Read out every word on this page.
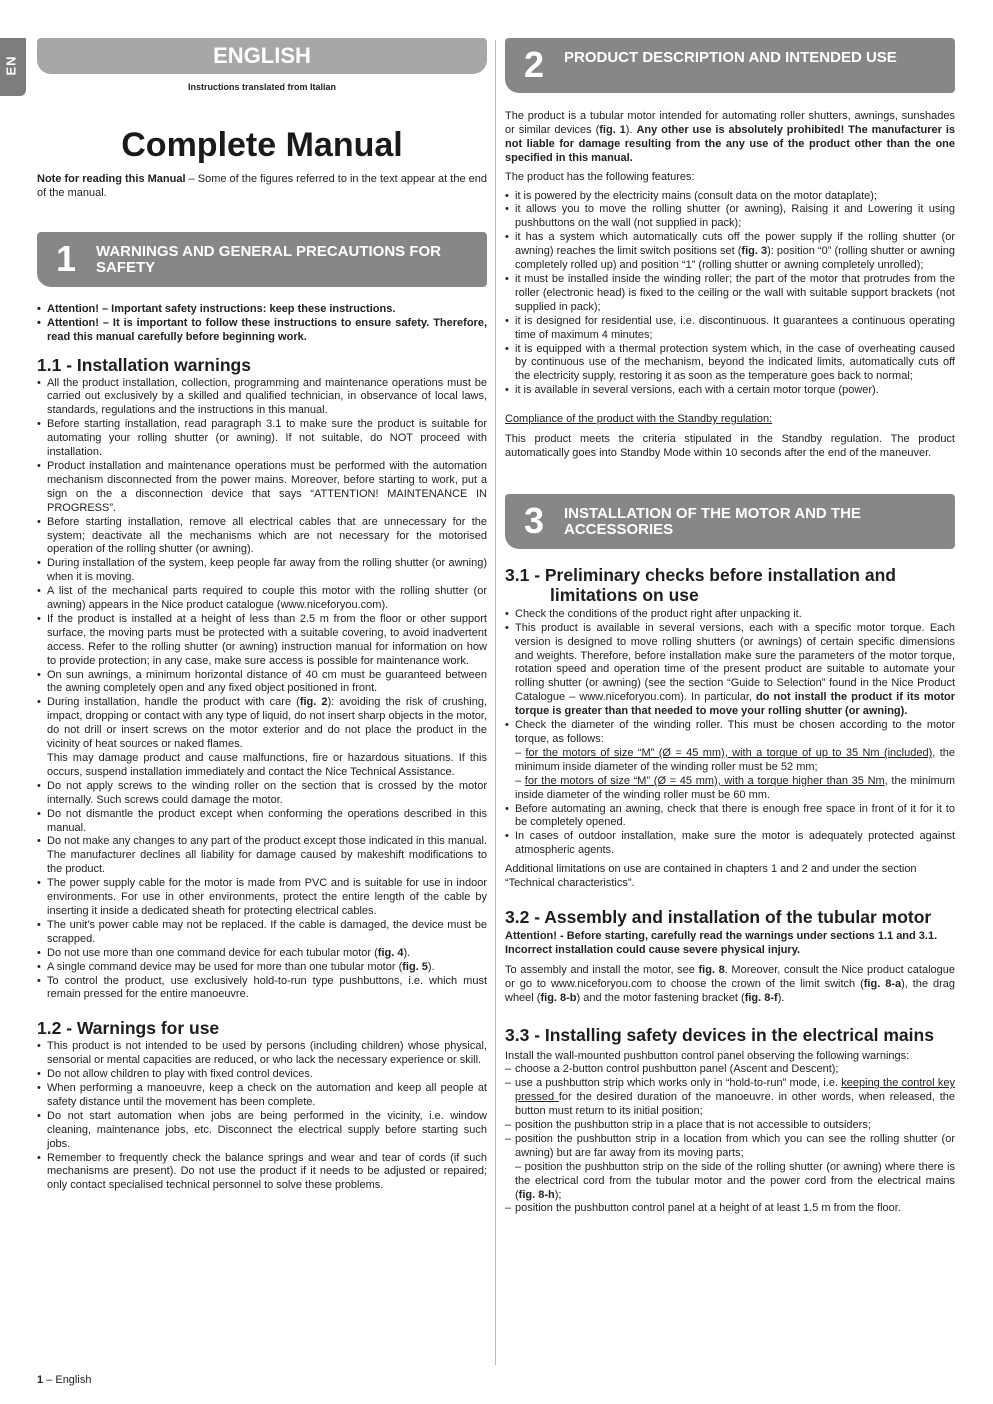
EN	ENGLISH
Instructions translated from Italian
Complete Manual

Note for reading this Manual – Some of the figures referred to in the text appear at the end of the manual.

1	WARNINGS AND GENERAL PRECAUTIONS FOR SAFETY
• Attention! – Important safety instructions: keep these instructions.
• Attention! – It is important to follow these instructions to ensure safety. Therefore, read this manual carefully before beginning work.
1.1 - Installation warnings
• All the product installation, collection, programming and maintenance operations must be carried out exclusively by a skilled and qualified technician, in observance of local laws, standards, regulations and the instructions in this manual.
• Before starting installation, read paragraph 3.1 to make sure the product is suitable for automating your rolling shutter (or awning). If not suitable, do NOT proceed with installation.
• Product installation and maintenance operations must be performed with the automation mechanism disconnected from the power mains. Moreover, before starting to work, put a sign on the a disconnection device that says “ATTENTION! MAINTENANCE IN PROGRESS”.
• Before starting installation, remove all electrical cables that are unnecessary for the system; deactivate all the mechanisms which are not necessary for the motorised operation of the rolling shutter (or awning).
• During installation of the system, keep people far away from the rolling shutter (or awning) when it is moving.
• A list of the mechanical parts required to couple this motor with the rolling shutter (or awning) appears in the Nice product catalogue (www.niceforyou.com).
• If the product is installed at a height of less than 2.5 m from the floor or other support surface, the moving parts must be protected with a suitable covering, to avoid inadvertent access. Refer to the rolling shutter (or awning) instruction manual for information on how to provide protection; in any case, make sure access is possible for maintenance work.
• On sun awnings, a minimum horizontal distance of 40 cm must be guaranteed between the awning completely open and any fixed object positioned in front.
• During installation, handle the product with care (fig. 2): avoiding the risk of crushing, impact, dropping or contact with any type of liquid, do not insert sharp objects in the motor, do not drill or insert screws on the motor exterior and do not place the product in the vicinity of heat sources or naked flames.
This may damage product and cause malfunctions, fire or hazardous situations. If this occurs, suspend installation immediately and contact the Nice Technical Assistance.
• Do not apply screws to the winding roller on the section that is crossed by the motor internally. Such screws could damage the motor.
• Do not dismantle the product except when conforming the operations described in this manual.
• Do not make any changes to any part of the product except those indicated in this manual. The manufacturer declines all liability for damage caused by makeshift modifications to the product.
• The power supply cable for the motor is made from PVC and is suitable for use in indoor environments. For use in other environments, protect the entire length of the cable by inserting it inside a dedicated sheath for protecting electrical cables.
• The unit’s power cable may not be replaced. If the cable is damaged, the device must be scrapped.
• Do not use more than one command device for each tubular motor (fig. 4).
• A single command device may be used for more than one tubular motor (fig. 5).
• To control the product, use exclusively hold-to-run type pushbuttons, i.e. which must remain pressed for the entire manoeuvre.
1.2 - Warnings for use
• This product is not intended to be used by persons (including children) whose physical, sensorial or mental capacities are reduced, or who lack the necessary experience or skill.
• Do not allow children to play with fixed control devices.
• When performing a manoeuvre, keep a check on the automation and keep all people at safety distance until the movement has been complete.
• Do not start automation when jobs are being performed in the vicinity, i.e. window cleaning, maintenance jobs, etc. Disconnect the electrical supply before starting such jobs.
• Remember to frequently check the balance springs and wear and tear of cords (if such mechanisms are present). Do not use the product if it needs to be adjusted or repaired; only contact specialised technical personnel to solve these problems.
2	PRODUCT DESCRIPTION AND INTENDED USE

The product is a tubular motor intended for automating roller shutters, awnings, sunshades or similar devices (fig. 1). Any other use is absolutely prohibited! The manufacturer is not liable for damage resulting from the any use of the product other than the one specified in this manual.

The product has the following features:

• it is powered by the electricity mains (consult data on the motor dataplate);
• it allows you to move the rolling shutter (or awning), Raising it and Lowering it using pushbuttons on the wall (not supplied in pack);
• it has a system which automatically cuts off the power supply if the rolling shutter (or awning) reaches the limit switch positions set (fig. 3): position “0” (rolling shutter or awning completely rolled up) and position “1” (rolling shutter or awning completely unrolled);
• it must be installed inside the winding roller; the part of the motor that protrudes from the roller (electronic head) is fixed to the ceiling or the wall with suitable support brackets (not supplied in pack);
• it is designed for residential use, i.e. discontinuous. It guarantees a continuous operating time of maximum 4 minutes;
• it is equipped with a thermal protection system which, in the case of overheating caused by continuous use of the mechanism, beyond the indicated limits, automatically cuts off the electricity supply, restoring it as soon as the temperature goes back to normal;
• it is available in several versions, each with a certain motor torque (power).

Compliance of the product with the Standby regulation:

This product meets the criteria stipulated in the Standby regulation. The product automatically goes into Standby Mode within 10 seconds after the end of the maneuver.

3	INSTALLATION OF THE MOTOR AND THE ACCESSORIES
3.1 - Preliminary checks before installation and limitations on use
• Check the conditions of the product right after unpacking it.
• This product is available in several versions, each with a specific motor torque. Each version is designed to move rolling shutters (or awnings) of certain specific dimensions and weights. Therefore, before installation make sure the parameters of the motor torque, rotation speed and operation time of the present product are suitable to automate your rolling shutter (or awning) (see the section “Guide to Selection” found in the Nice Product Catalogue – www.niceforyou.com). In particular, do not install the product if its motor torque is greater than that needed to move your rolling shutter (or awning).
• Check the diameter of the winding roller. This must be chosen according to the motor torque, as follows:
– for the motors of size “M” (Ø = 45 mm), with a torque of up to 35 Nm (included), the minimum inside diameter of the winding roller must be 52 mm;
– for the motors of size “M” (Ø = 45 mm), with a torque higher than 35 Nm, the minimum inside diameter of the winding roller must be 60 mm.
• Before automating an awning, check that there is enough free space in front of it for it to be completely opened.
• In cases of outdoor installation, make sure the motor is adequately protected against atmospheric agents.

Additional limitations on use are contained in chapters 1 and 2 and under the section “Technical characteristics”.

3.2 - Assembly and installation of the tubular motor

Attention! - Before starting, carefully read the warnings under sections 1.1 and 3.1. Incorrect installation could cause severe physical injury.

To assembly and install the motor, see fig. 8. Moreover, consult the Nice product catalogue or go to www.niceforyou.com to choose the crown of the limit switch (fig. 8-a), the drag wheel (fig. 8-b) and the motor fastening bracket (fig. 8-f).

3.3 - Installing safety devices in the electrical mains

Install the wall-mounted pushbutton control panel observing the following warnings:

– choose a 2-button control pushbutton panel (Ascent and Descent);
– use a pushbutton strip which works only in “hold-to-run” mode, i.e. keeping the control key pressed for the desired duration of the manoeuvre. in other words, when released, the button must return to its initial position;
– position the pushbutton strip in a place that is not accessible to outsiders;
– position the pushbutton strip in a location from which you can see the rolling shutter (or awning) but are far away from its moving parts;
– position the pushbutton strip on the side of the rolling shutter (or awning) where there is the electrical cord from the tubular motor and the power cord from the electrical mains (fig. 8-h);
– position the pushbutton control panel at a height of at least 1.5 m from the floor.
1 – English
